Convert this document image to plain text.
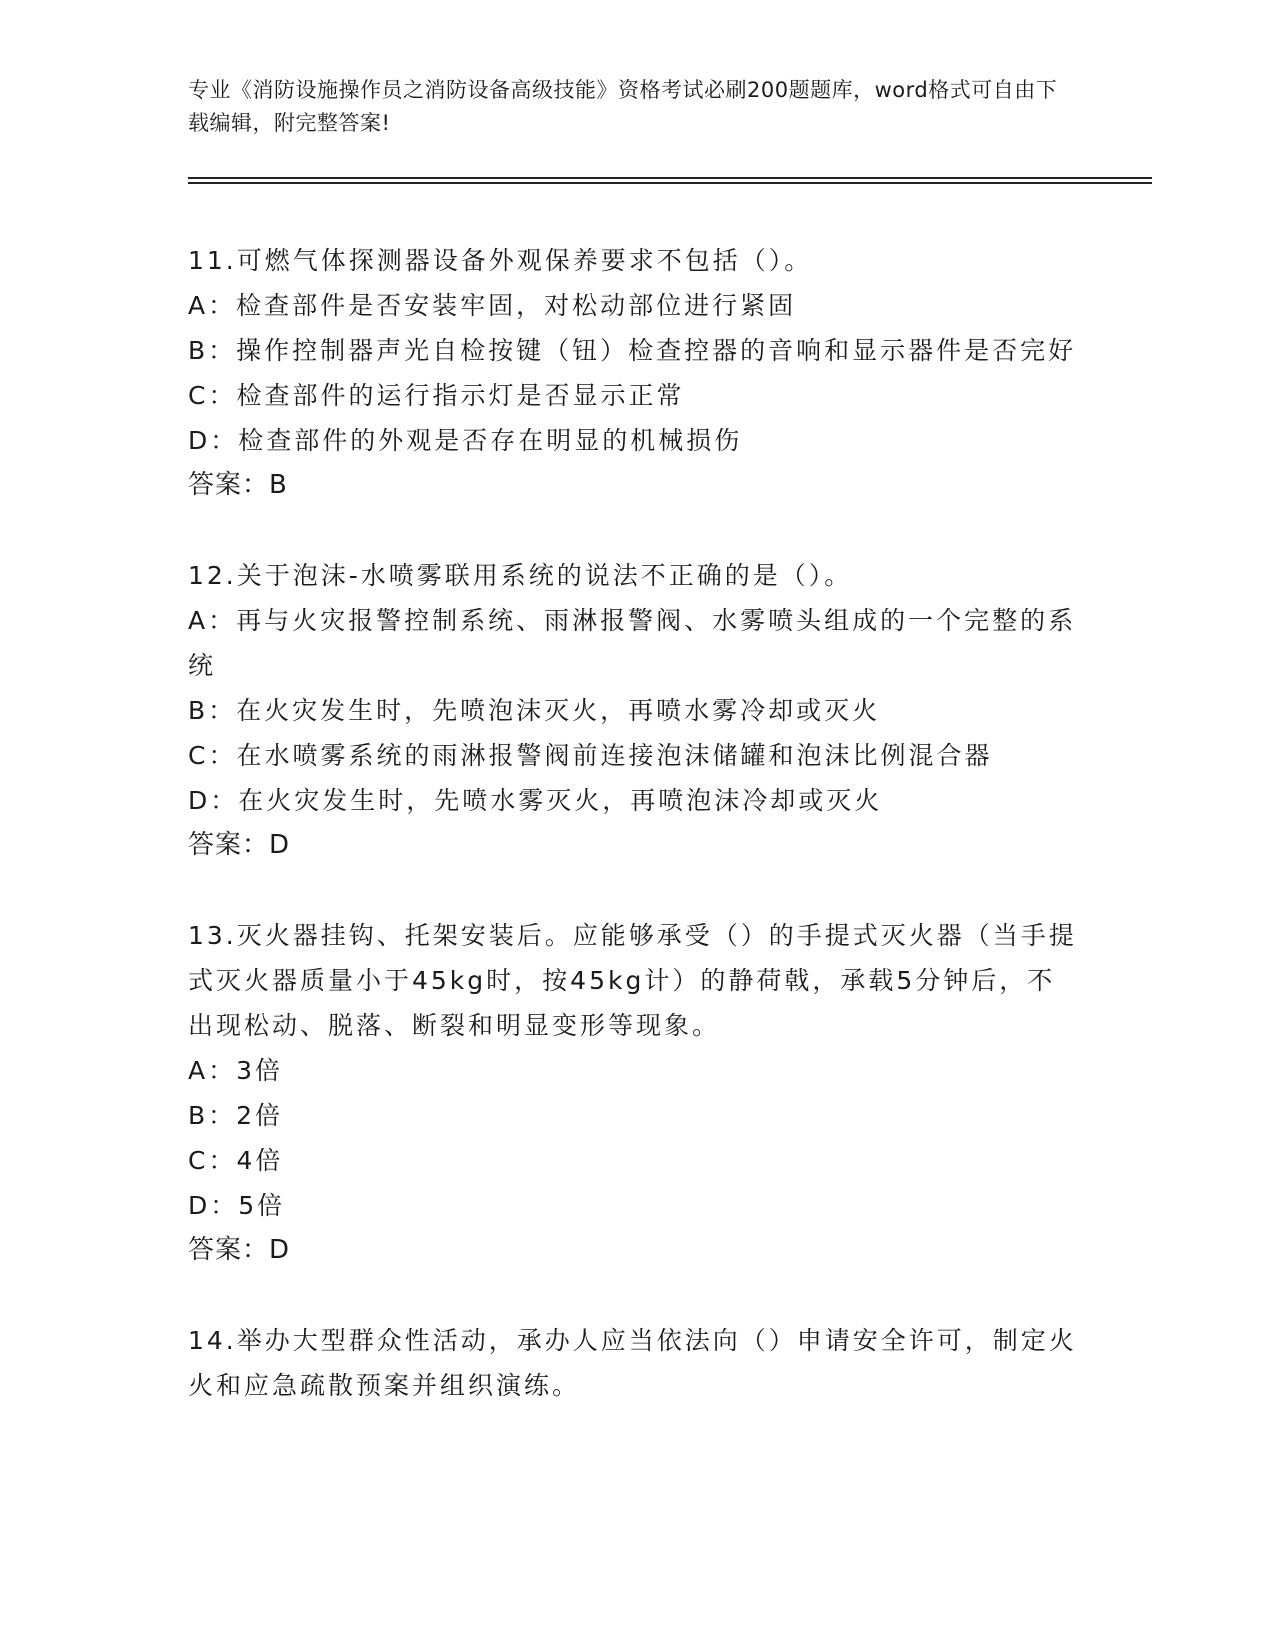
专业《消防设施操作员之消防设备高级技能》资格考试必刷200题题库，word格式可自由下载编辑，附完整答案!
11.可燃气体探测器设备外观保养要求不包括（）。
A：检查部件是否安装牢固，对松动部位进行紧固
B：操作控制器声光自检按键（钮）检查控器的音响和显示器件是否完好
C：检查部件的运行指示灯是否显示正常
D：检查部件的外观是否存在明显的机械损伤
答案：B
12.关于泡沫-水喷雾联用系统的说法不正确的是（）。
A：再与火灾报警控制系统、雨淋报警阀、水雾喷头组成的一个完整的系统
B：在火灾发生时，先喷泡沫灭火，再喷水雾冷却或灭火
C：在水喷雾系统的雨淋报警阀前连接泡沫储罐和泡沫比例混合器
D：在火灾发生时，先喷水雾灭火，再喷泡沫冷却或灭火
答案：D
13.灭火器挂钩、托架安装后。应能够承受（）的手提式灭火器（当手提式灭火器质量小于45kg时，按45kg计）的静荷戟，承载5分钟后，不出现松动、脱落、断裂和明显变形等现象。
A：3倍
B：2倍
C：4倍
D：5倍
答案：D
14.举办大型群众性活动，承办人应当依法向（）申请安全许可，制定火火和应急疏散预案并组织演练。
